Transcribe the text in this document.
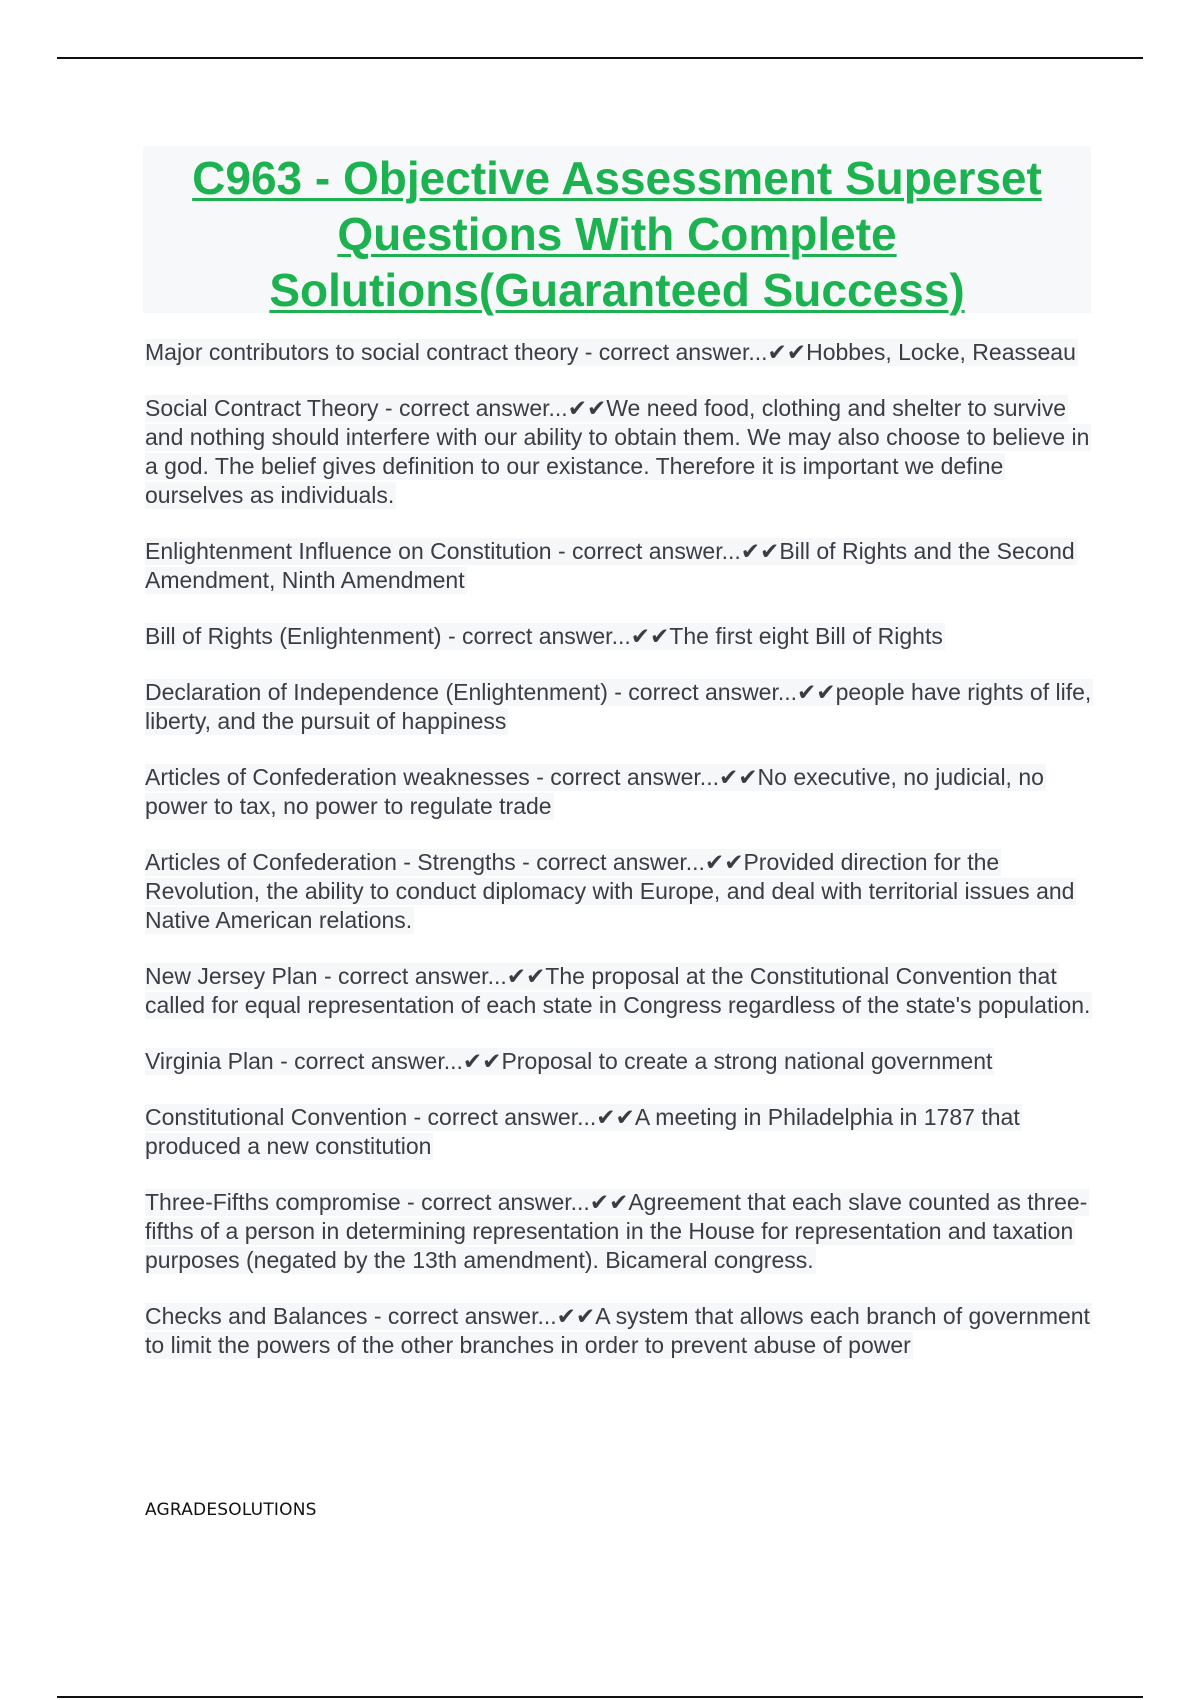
C963 - Objective Assessment Superset Questions With Complete Solutions(Guaranteed Success)

Major contributors to social contract theory - correct answer...✔✔Hobbes, Locke, Reasseau

Social Contract Theory - correct answer...✔✔We need food, clothing and shelter to survive and nothing should interfere with our ability to obtain them. We may also choose to believe in a god. The belief gives definition to our existance. Therefore it is important we define ourselves as individuals.

Enlightenment Influence on Constitution - correct answer...✔✔Bill of Rights and the Second Amendment, Ninth Amendment

Bill of Rights (Enlightenment) - correct answer...✔✔The first eight Bill of Rights

Declaration of Independence (Enlightenment) - correct answer...✔✔people have rights of life, liberty, and the pursuit of happiness

Articles of Confederation weaknesses - correct answer...✔✔No executive, no judicial, no power to tax, no power to regulate trade

Articles of Confederation - Strengths - correct answer...✔✔Provided direction for the Revolution, the ability to conduct diplomacy with Europe, and deal with territorial issues and Native American relations.

New Jersey Plan - correct answer...✔✔The proposal at the Constitutional Convention that called for equal representation of each state in Congress regardless of the state's population.

Virginia Plan - correct answer...✔✔Proposal to create a strong national government

Constitutional Convention - correct answer...✔✔A meeting in Philadelphia in 1787 that produced a new constitution

Three-Fifths compromise - correct answer...✔✔Agreement that each slave counted as three-fifths of a person in determining representation in the House for representation and taxation purposes (negated by the 13th amendment). Bicameral congress.

Checks and Balances - correct answer...✔✔A system that allows each branch of government to limit the powers of the other branches in order to prevent abuse of power

AGRADESOLUTIONS
